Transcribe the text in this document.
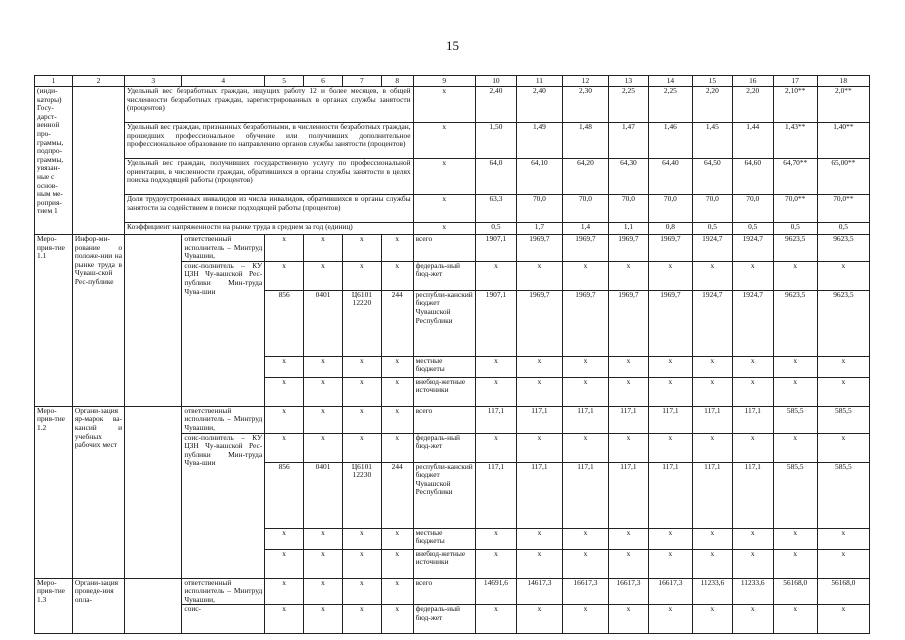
15
1	2	3	4	5	6	7	8	9	10	11	12	13	14	15	16	17	18
(инди-каторы) Госу-дарст-венной про-граммы, подпро-граммы, увязан-ные с основ-ным ме-роприя-тием 1		Удельный вес безработных граждан, ищущих работу 12 и более месяцев, в общей численности безработных граждан, зарегистрированных в органах службы занятости (процентов)						х	2,40	2,40	2,30	2,25	2,25	2,20	2,20	2,10**	2,0**
		Удельный вес граждан, признанных безработными, в численности безработных граждан, прошедших профессиональное обучение или получивших дополнительное профессиональное образование по направлению органов службы занятости (процентов)						х	1,50	1,49	1,48	1,47	1,46	1,45	1,44	1,43**	1,40**
		Удельный вес граждан, получивших государственную услугу по профессиональной ориентации, в численности граждан, обратившихся в органы службы занятости в целях поиска подходящей работы (процентов)						х	64,0	64,10	64,20	64,30	64,40	64,50	64,60	64,70**	65,00**
		Доля трудоустроенных инвалидов из числа инвалидов, обратившихся в органы службы занятости за содействием в поиске подходящей работы (процентов)						х	63,3	70,0	70,0	70,0	70,0	70,0	70,0	70,0**	70,0**
		Коэффициент напряженности на рынке труда в среднем за год (единиц)						х	0,5	1,7	1,4	1,1	0,8	0,5	0,5	0,5	0,5
Меро-прия-тие 1.1	Инфор-ми-рование о положе-нии на рынке труда в Чуваш-ской Рес-публике		ответственный исполнитель – Минтруд Чувашии,	х	х	х	х	всего	1907,1	1969,7	1969,7	1969,7	1969,7	1924,7	1924,7	9623,5	9623,5
			соис-полнитель – КУ ЦЗН Чу-вашской Рес-публики Мин-труда Чува-шии	х	х	х	х	федераль-ный бюд-жет	х	х	х	х	х	х	х	х	х
				856	0401	Ц6101 12220	244	республи-канский бюджет Чувашской Республики	1907,1	1969,7	1969,7	1969,7	1969,7	1924,7	1924,7	9623,5	9623,5
				х	х	х	х	местные бюджеты	х	х	х	х	х	х	х	х	х
				х	х	х	х	внебюд-жетные источники	х	х	х	х	х	х	х	х	х
Меро-прия-тие 1.2	Органи-зация яр-марок ва-кансий и учебных рабочих мест		ответственный исполнитель – Минтруд Чувашии,	х	х	х	х	всего	117,1	117,1	117,1	117,1	117,1	117,1	117,1	585,5	585,5
			соис-полнитель – КУ ЦЗН Чу-вашской Рес-публики Мин-труда Чува-шии	х	х	х	х	федераль-ный бюд-жет	х	х	х	х	х	х	х	х	х
				856	0401	Ц6101 12230	244	республи-канский бюджет Чувашской Республики	117,1	117,1	117,1	117,1	117,1	117,1	117,1	585,5	585,5
				х	х	х	х	местные бюджеты	х	х	х	х	х	х	х	х	х
				х	х	х	х	внебюд-жетные источники	х	х	х	х	х	х	х	х	х
Меро-прия-тие 1.3	Органи-зация проведе-ния опла-		ответственный исполнитель – Минтруд Чувашии,	х	х	х	х	всего	14691,6	14617,3	16617,3	16617,3	16617,3	11233,6	11233,6	56168,0	56168,0
			соис-	х	х	х	х	федераль-ный бюд-жет	х	х	х	х	х	х	х	х	х
